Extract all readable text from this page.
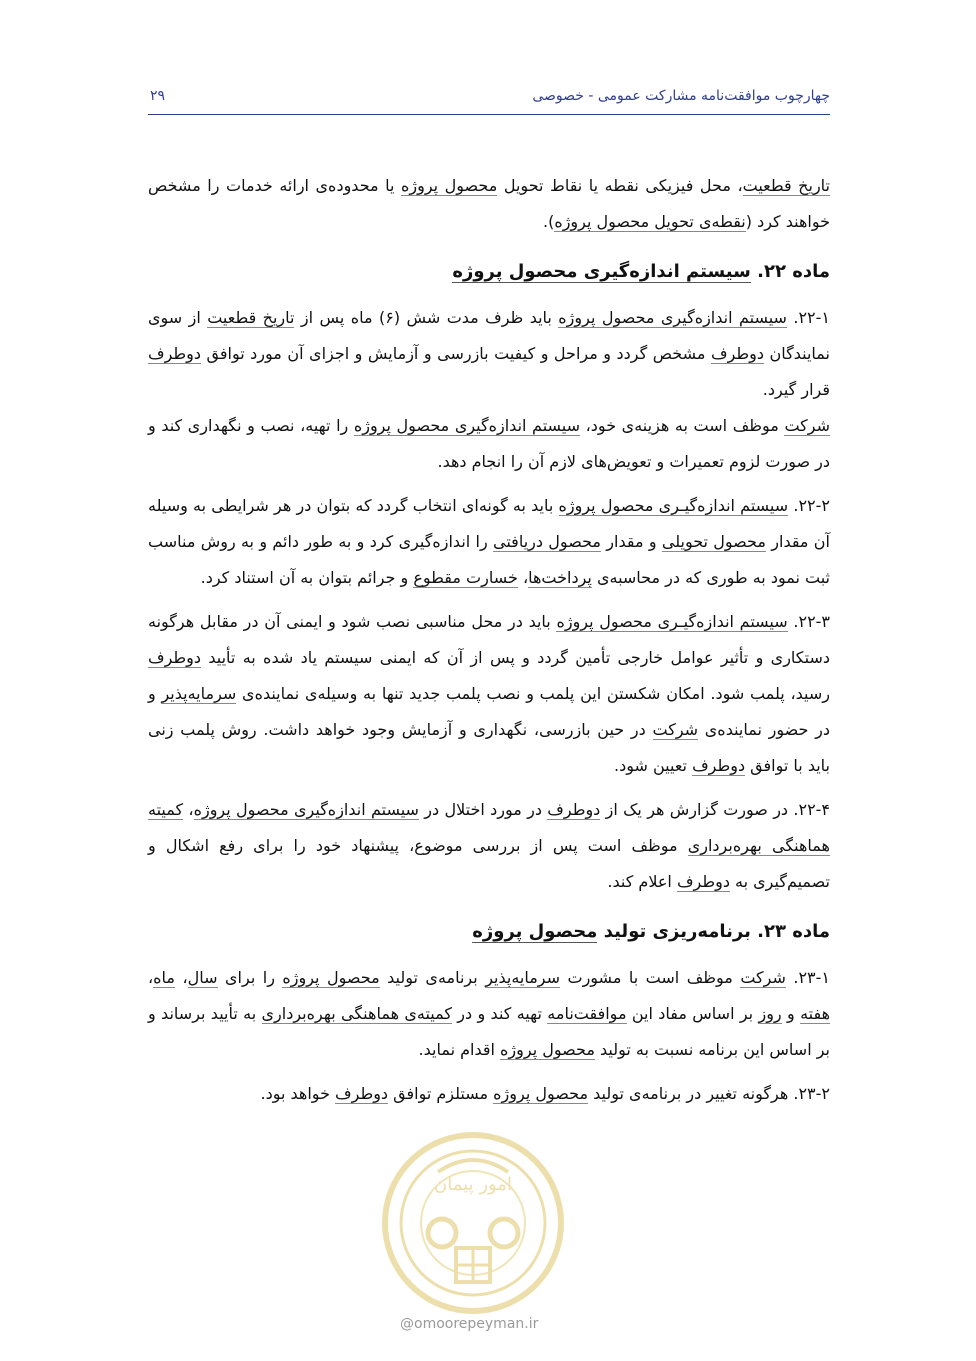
چهارچوب موافقت‌نامه مشارکت عمومی - خصوصی
۲۹

تاریخ قطعیت، محل فیزیکی نقطه یا نقاط تحویل محصول پروژه یا محدوده‌ی ارائه خدمات را مشخص خواهند کرد (نقطه‌ی تحویل محصول پروژه).

ماده ۲۲. سیستم اندازه‌گیری محصول پروژه

۲۲-۱. سیستم اندازه‌گیری محصول پروژه باید ظرف مدت شش (۶) ماه پس از تاریخ قطعیت از سوی نمایندگان دوطرف مشخص گردد و مراحل و کیفیت بازرسی و آزمایش و اجزای آن مورد توافق دوطرف قرار گیرد.

شرکت موظف است به هزینه‌ی خود، سیستم اندازه‌گیری محصول پروژه را تهیه، نصب و نگهداری کند و در صورت لزوم تعمیرات و تعویض‌های لازم آن را انجام دهد.

۲۲-۲. سیستم اندازه‌گیـری محصول پروژه باید به گونه‌ای انتخاب گردد که بتوان در هر شرایطی به وسیله آن مقدار محصول تحویلی و مقدار محصول دریافتی را اندازه‌گیری کرد و به طور دائم و به روش مناسب ثبت نمود به طوری که در محاسبه‌ی پرداخت‌ها، خسارت مقطوع و جرائم بتوان به آن استناد کرد.

۲۲-۳. سیستم اندازه‌گیـری محصول پروژه باید در محل مناسبی نصب شود و ایمنی آن در مقابل هرگونه دستکاری و تأثیر عوامل خارجی تأمین گردد و پس از آن که ایمنی سیستم یاد شده به تأیید دوطرف رسید، پلمب شود. امکان شکستن این پلمب و نصب پلمب جدید تنها به وسیله‌ی نماینده‌ی سرمایه‌پذیر و در حضور نماینده‌ی شرکت در حین بازرسی، نگهداری و آزمایش وجود خواهد داشت. روش پلمب زنی باید با توافق دوطرف تعیین شود.

۲۲-۴. در صورت گزارش هر یک از دوطرف در مورد اختلال در سیستم اندازه‌گیری محصول پروژه، کمیته هماهنگی بهره‌برداری موظف است پس از بررسی موضوع، پیشنهاد خود را برای رفع اشکال و تصمیم‌گیری به دوطرف اعلام کند.

ماده ۲۳. برنامه‌ریزی تولید محصول پروژه

۲۳-۱. شرکت موظف است با مشورت سرمایه‌پذیر برنامه‌ی تولید محصول پروژه را برای سال، ماه، هفته و روز بر اساس مفاد این موافقت‌نامه تهیه کند و در کمیته‌ی هماهنگی بهره‌برداری به تأیید برساند و بر اساس این برنامه نسبت به تولید محصول پروژه اقدام نماید.

۲۳-۲. هرگونه تغییر در برنامه‌ی تولید محصول پروژه مستلزم توافق دوطرف خواهد بود.

امور پیمان
@omoorepeyman.ir
